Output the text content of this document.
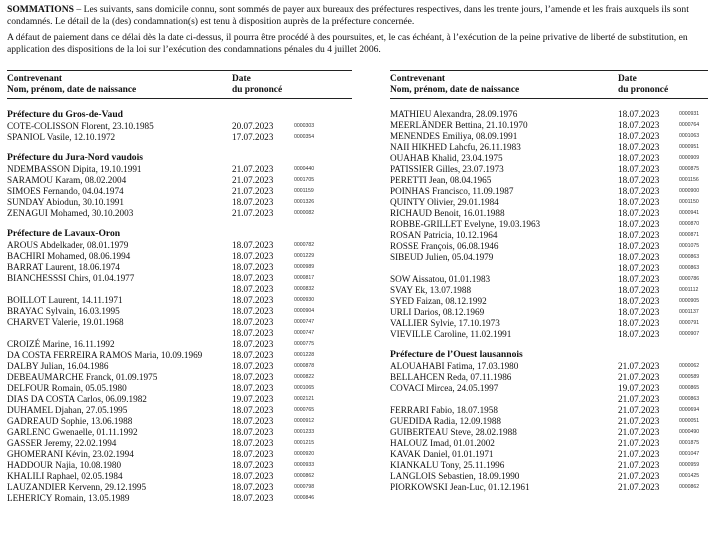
SOMMATIONS – Les suivants, sans domicile connu, sont sommés de payer aux bureaux des préfectures respectives, dans les trente jours, l’amende et les frais auxquels ils sont condamnés. Le détail de la (des) condamnation(s) est tenu à disposition auprès de la préfecture concernée.

A défaut de paiement dans ce délai dès la date ci-dessus, il pourra être procédé à des poursuites, et, le cas échéant, à l’exécution de la peine privative de liberté de substitution, en application des dispositions de la loi sur l’exécution des condamnations pénales du 4 juillet 2006.

Contrevenant
Nom, prénom, date de naissance
Date
du prononcé
Préfecture du Gros-de-Vaud
COTE-COLISSON Florent, 23.10.1985	20.07.2023	0000303
SPANIOL Vasile, 12.10.1972	17.07.2023	0000354
Préfecture du Jura-Nord vaudois
NDEMBASSON Dipita, 19.10.1991	21.07.2023	0000440
SARAMOU Karam, 08.02.2004	21.07.2023	0001705
SIMOES Fernando, 04.04.1974	21.07.2023	0001159
SUNDAY Abiodun, 30.10.1991	18.07.2023	0001326
ZENAGUI Mohamed, 30.10.2003	21.07.2023	0000082
Préfecture de Lavaux-Oron
AROUS Abdelkader, 08.01.1979	18.07.2023	0000782
BACHIRI Mohamed, 08.06.1994	18.07.2023	0001229
BARRAT Laurent, 18.06.1974	18.07.2023	0000989
BIANCHESSSI Chirs, 01.04.1977	18.07.2023	0000817
18.07.2023	0000832
BOILLOT Laurent, 14.11.1971	18.07.2023	0000930
BRAYAC Sylvain, 16.03.1995	18.07.2023	0000904
CHARVET Valerie, 19.01.1968	18.07.2023	0000747
18.07.2023	0000747
CROIZÉ Marine, 16.11.1992	18.07.2023	0000775
DA COSTA FERREIRA RAMOS Maria, 10.09.1969	18.07.2023	0001228
DALBY Julian, 16.04.1986	18.07.2023	0000878
DEBEAUMARCHE Franck, 01.09.1975	18.07.2023	0000822
DELFOUR Romain, 05.05.1980	18.07.2023	0001065
DIAS DA COSTA Carlos, 06.09.1982	19.07.2023	0002121
DUHAMEL Djahan, 27.05.1995	18.07.2023	0000765
GADREAUD Sophie, 13.06.1988	18.07.2023	0000912
GARLENC Gwenaelle, 01.11.1992	18.07.2023	0001233
GASSER Jeremy, 22.02.1994	18.07.2023	0001215
GHOMERANI Kévin, 23.02.1994	18.07.2023	0000920
HADDOUR Najia, 10.08.1980	18.07.2023	0000933
KHALILI Raphael, 02.05.1984	18.07.2023	0000862
LAUZANDIER Kervenn, 29.12.1995	18.07.2023	0000798
LEHERICY Romain, 13.05.1989	18.07.2023	0000846
Contrevenant
Nom, prénom, date de naissance
Date
du prononcé
MATHIEU Alexandra, 28.09.1976	18.07.2023	0000931
MEERLÄNDER Bettina, 21.10.1970	18.07.2023	0000764
MENENDES Emiliya, 08.09.1991	18.07.2023	0001063
NAII HIKHED Lahcfu, 26.11.1983	18.07.2023	0000951
OUAHAB Khalid, 23.04.1975	18.07.2023	0000909
PATISSIER Gilles, 23.07.1973	18.07.2023	0000875
PERETTI Jean, 08.04.1965	18.07.2023	0001156
POINHAS Francisco, 11.09.1987	18.07.2023	0000900
QUINTY Olivier, 29.01.1984	18.07.2023	0001150
RICHAUD Benoit, 16.01.1988	18.07.2023	0000941
ROBBE-GRILLET Evelyne, 19.03.1963	18.07.2023	0000870
ROSAN Patricia, 10.12.1964	18.07.2023	0000871
ROSSE François, 06.08.1946	18.07.2023	0001075
SIBEUD Julien, 05.04.1979	18.07.2023	0000863
18.07.2023	0000863
SOW Aissatou, 01.01.1983	18.07.2023	0000786
SVAY Ek, 13.07.1988	18.07.2023	0001112
SYED Faizan, 08.12.1992	18.07.2023	0000905
URLI Darios, 08.12.1969	18.07.2023	0001137
VALLIER Sylvie, 17.10.1973	18.07.2023	0000791
VIEVILLE Caroline, 11.02.1991	18.07.2023	0000907
Préfecture de l’Ouest lausannois
ALOUAHABI Fatima, 17.03.1980	21.07.2023	0000062
BELLAHCEN Reda, 07.11.1986	21.07.2023	0000589
COVACI Mircea, 24.05.1997	19.07.2023	0000865
21.07.2023	0000863
FERRARI Fabio, 18.07.1958	21.07.2023	0000694
GUEDIDA Radia, 12.09.1988	21.07.2023	0000051
GUIBERTEAU Steve, 28.02.1988	21.07.2023	0000490
HALOUZ Imad, 01.01.2002	21.07.2023	0001875
KAVAK Daniel, 01.01.1971	21.07.2023	0001047
KIANKALU Tony, 25.11.1996	21.07.2023	0000959
LANGLOIS Sebastien, 18.09.1990	21.07.2023	0001425
PIORKOWSKI Jean-Luc, 01.12.1961	21.07.2023	0000862
